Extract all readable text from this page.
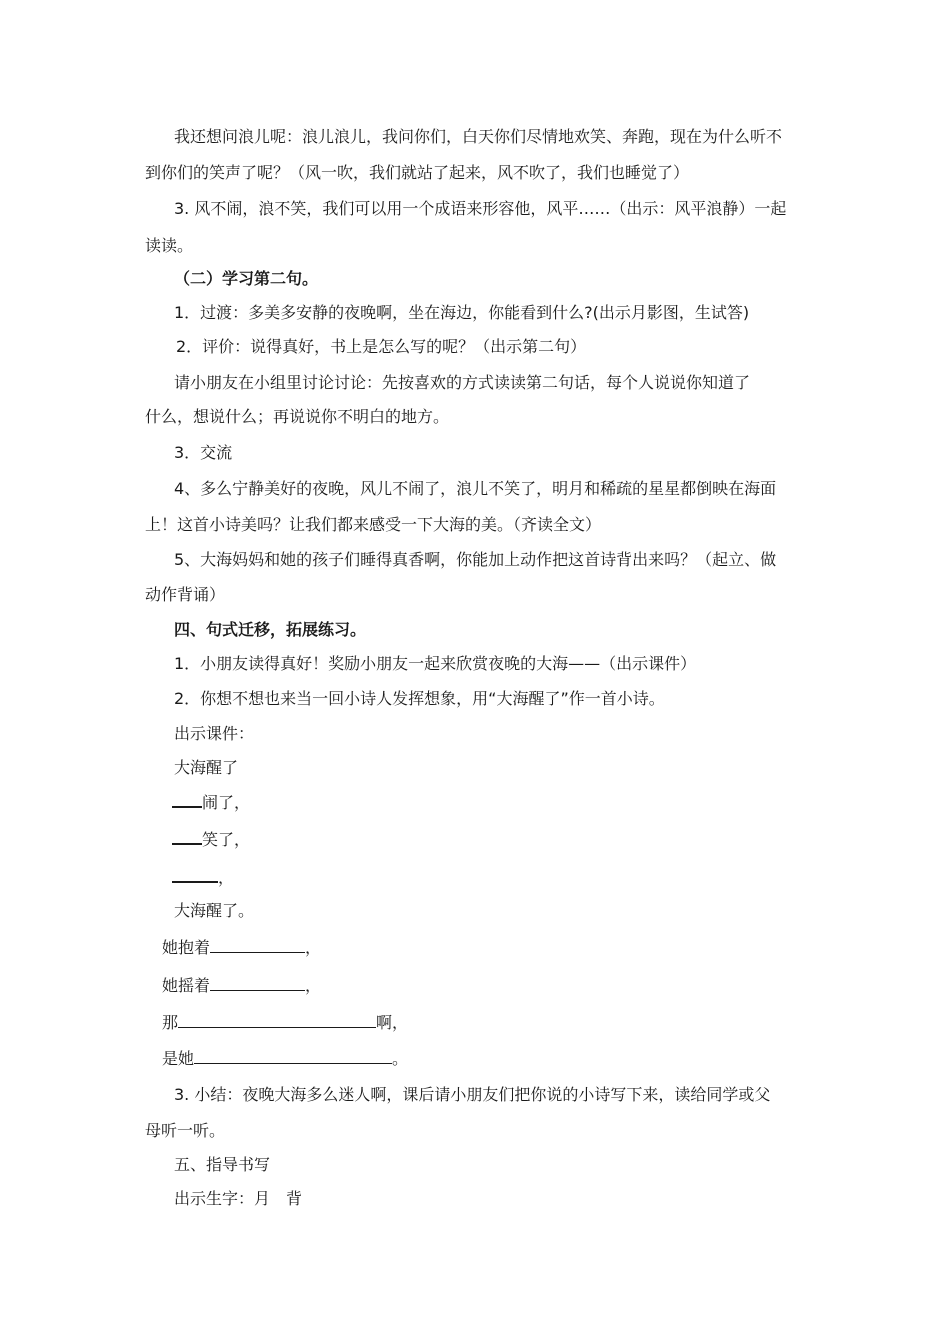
我还想问浪儿呢：浪儿浪儿，我问你们，白天你们尽情地欢笑、奔跑，现在为什么听不
到你们的笑声了呢？（风一吹，我们就站了起来，风不吹了，我们也睡觉了）
3. 风不闹，浪不笑，我们可以用一个成语来形容他，风平……（出示：风平浪静）一起
读读。
（二）学习第二句。
1．过渡：多美多安静的夜晚啊，坐在海边，你能看到什么?(出示月影图，生试答)
2．评价：说得真好，书上是怎么写的呢？（出示第二句）
请小朋友在小组里讨论讨论：先按喜欢的方式读读第二句话，每个人说说你知道了
什么，想说什么；再说说你不明白的地方。
3．交流
4、多么宁静美好的夜晚，风儿不闹了，浪儿不笑了，明月和稀疏的星星都倒映在海面
上！这首小诗美吗？让我们都来感受一下大海的美。（齐读全文）
5、大海妈妈和她的孩子们睡得真香啊，你能加上动作把这首诗背出来吗？（起立、做
动作背诵）
四、句式迁移，拓展练习。
1．小朋友读得真好！奖励小朋友一起来欣赏夜晚的大海——（出示课件）
2．你想不想也来当一回小诗人发挥想象，用“大海醒了”作一首小诗。
出示课件：
大海醒了
闹了，
笑了，
，
大海醒了。
她抱着	，
她摇着	，
那	啊，
是她	。
3. 小结：夜晚大海多么迷人啊，课后请小朋友们把你说的小诗写下来，读给同学或父
母听一听。
五、指导书写
出示生字：月　背
